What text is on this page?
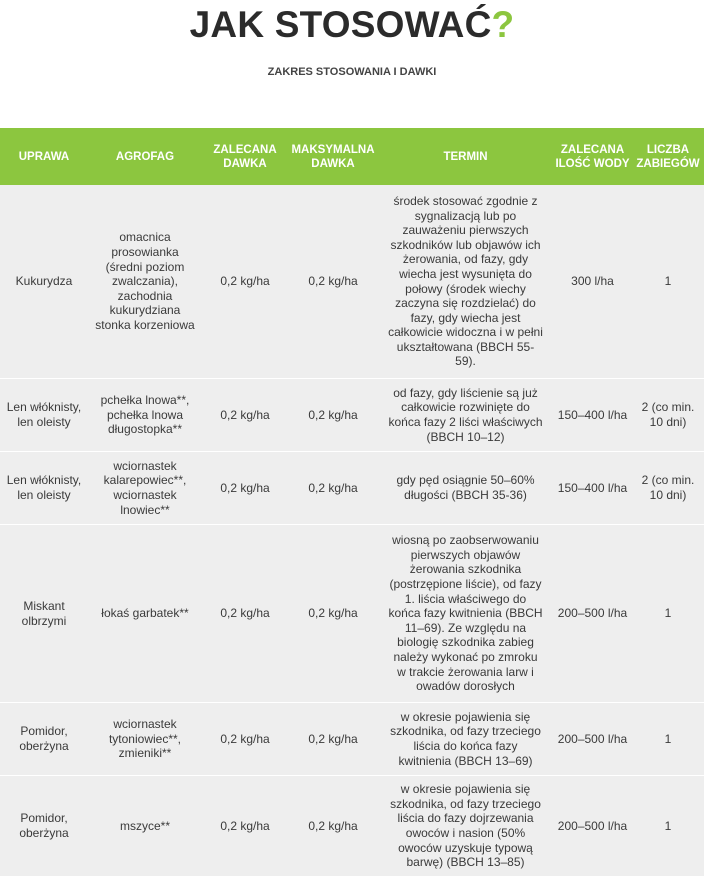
JAK STOSOWAĆ?
ZAKRES STOSOWANIA I DAWKI
UPRAWA	AGROFAG	ZALECANA DAWKA	MAKSYMALNA DAWKA	TERMIN	ZALECANA ILOŚĆ WODY	LICZBA ZABIEGÓW
Kukurydza	omacnica prosowianka (średni poziom zwalczania), zachodnia kukurydziana stonka korzeniowa	0,2 kg/ha	0,2 kg/ha	środek stosować zgodnie z sygnalizacją lub po zauważeniu pierwszych szkodników lub objawów ich żerowania, od fazy, gdy wiecha jest wysunięta do połowy (środek wiechy zaczyna się rozdzielać) do fazy, gdy wiecha jest całkowicie widoczna i w pełni ukształtowana (BBCH 55-59).	300 l/ha	1
Len włóknisty, len oleisty	pchełka lnowa**, pchełka lnowa długostopka**	0,2 kg/ha	0,2 kg/ha	od fazy, gdy liścienie są już całkowicie rozwinięte do końca fazy 2 liści właściwych (BBCH 10–12)	150–400 l/ha	2 (co min. 10 dni)
Len włóknisty, len oleisty	wciornastek kalarepowiec**, wciornastek lnowiec**	0,2 kg/ha	0,2 kg/ha	gdy pęd osiągnie 50–60% długości (BBCH 35-36)	150–400 l/ha	2 (co min. 10 dni)
Miskant olbrzymi	łokaś garbatek**	0,2 kg/ha	0,2 kg/ha	wiosną po zaobserwowaniu pierwszych objawów żerowania szkodnika (postrzępione liście), od fazy 1. liścia właściwego do końca fazy kwitnienia (BBCH 11–69). Ze względu na biologię szkodnika zabieg należy wykonać po zmroku w trakcie żerowania larw i owadów dorosłych	200–500 l/ha	1
Pomidor, oberżyna	wciornastek tytoniowiec**, zmieniki**	0,2 kg/ha	0,2 kg/ha	w okresie pojawienia się szkodnika, od fazy trzeciego liścia do końca fazy kwitnienia (BBCH 13–69)	200–500 l/ha	1
Pomidor, oberżyna	mszyce**	0,2 kg/ha	0,2 kg/ha	w okresie pojawienia się szkodnika, od fazy trzeciego liścia do fazy dojrzewania owoców i nasion (50% owoców uzyskuje typową barwę) (BBCH 13–85)	200–500 l/ha	1
